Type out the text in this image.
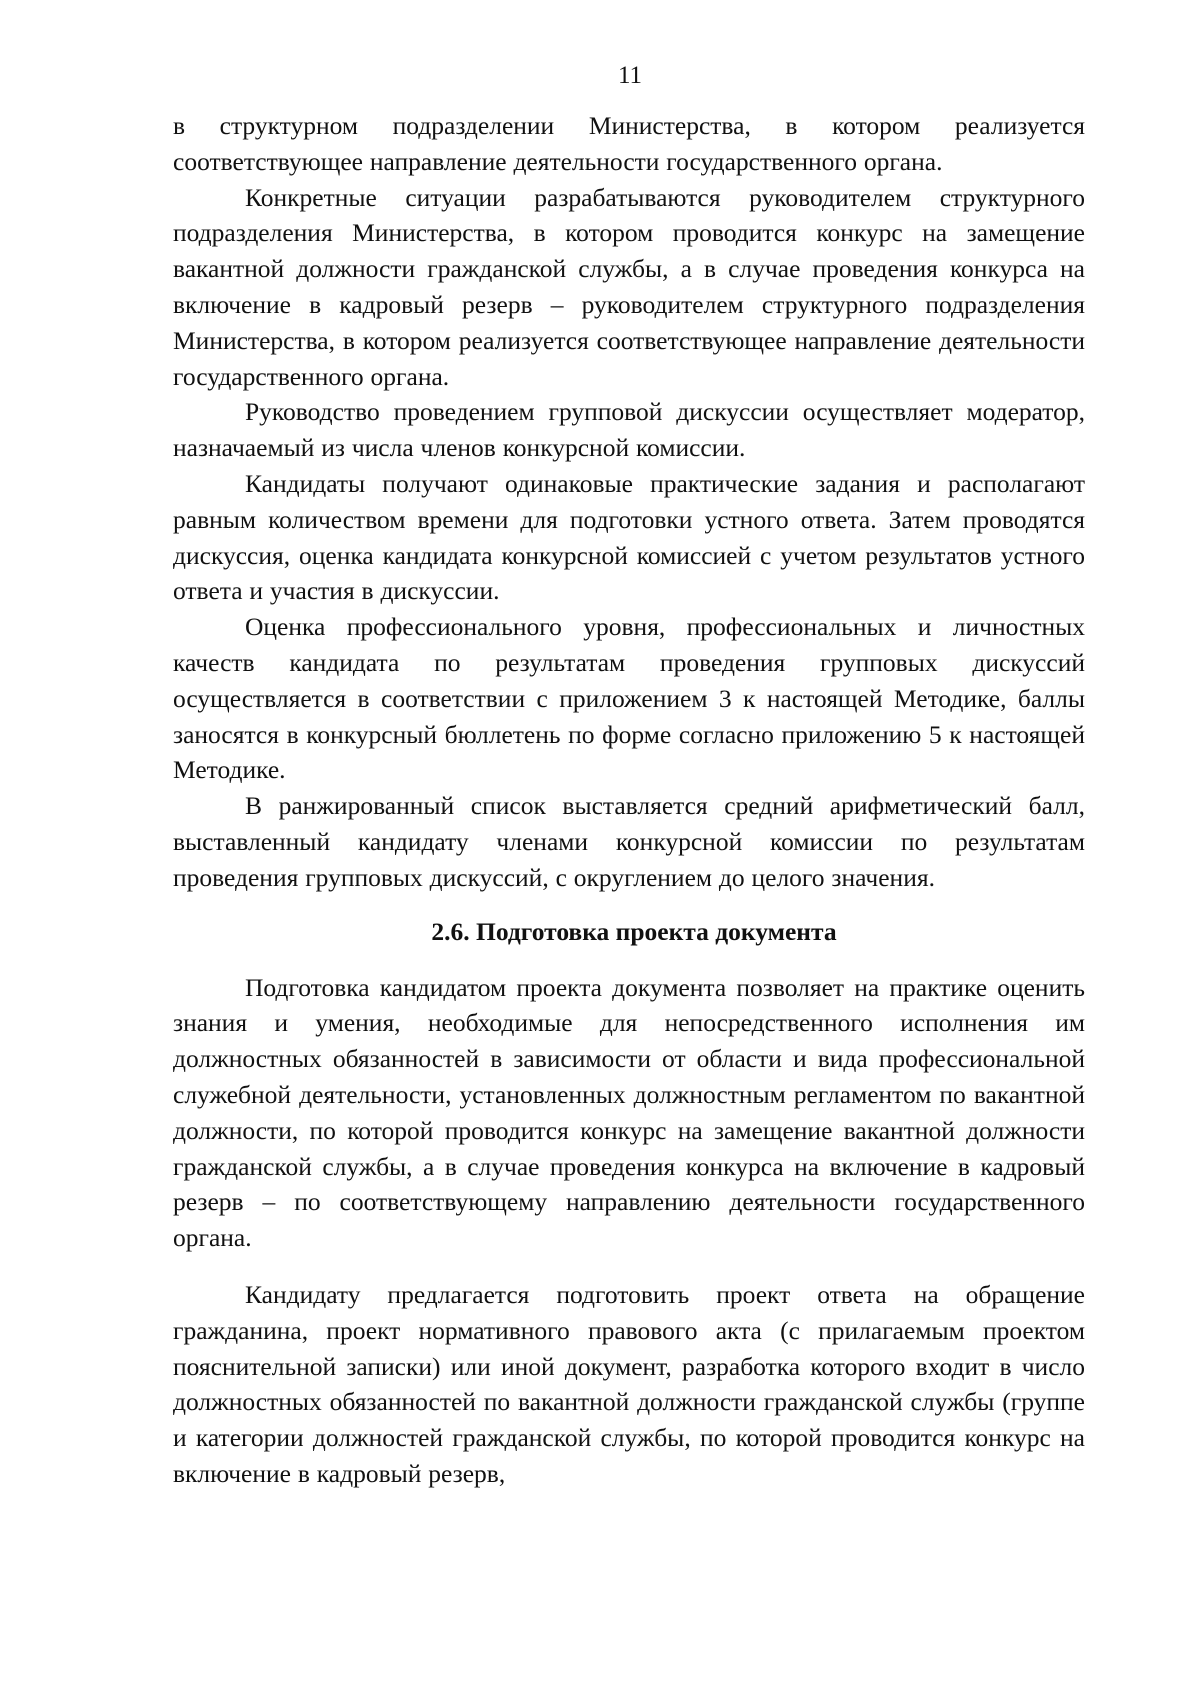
11

в структурном подразделении Министерства, в котором реализуется соответствующее направление деятельности государственного органа.

Конкретные ситуации разрабатываются руководителем структурного подразделения Министерства, в котором проводится конкурс на замещение вакантной должности гражданской службы, а в случае проведения конкурса на включение в кадровый резерв – руководителем структурного подразделения Министерства, в котором реализуется соответствующее направление деятельности государственного органа.

Руководство проведением групповой дискуссии осуществляет модератор, назначаемый из числа членов конкурсной комиссии.

Кандидаты получают одинаковые практические задания и располагают равным количеством времени для подготовки устного ответа. Затем проводятся дискуссия, оценка кандидата конкурсной комиссией с учетом результатов устного ответа и участия в дискуссии.

Оценка профессионального уровня, профессиональных и личностных качеств кандидата по результатам проведения групповых дискуссий осуществляется в соответствии с приложением 3 к настоящей Методике, баллы заносятся в конкурсный бюллетень по форме согласно приложению 5 к настоящей Методике.

В ранжированный список выставляется средний арифметический балл, выставленный кандидату членами конкурсной комиссии по результатам проведения групповых дискуссий, с округлением до целого значения.

2.6. Подготовка проекта документа

Подготовка кандидатом проекта документа позволяет на практике оценить знания и умения, необходимые для непосредственного исполнения им должностных обязанностей в зависимости от области и вида профессиональной служебной деятельности, установленных должностным регламентом по вакантной должности, по которой проводится конкурс на замещение вакантной должности гражданской службы, а в случае проведения конкурса на включение в кадровый резерв – по соответствующему направлению деятельности государственного органа.

Кандидату предлагается подготовить проект ответа на обращение гражданина, проект нормативного правового акта (с прилагаемым проектом пояснительной записки) или иной документ, разработка которого входит в число должностных обязанностей по вакантной должности гражданской службы (группе и категории должностей гражданской службы, по которой проводится конкурс на включение в кадровый резерв,
